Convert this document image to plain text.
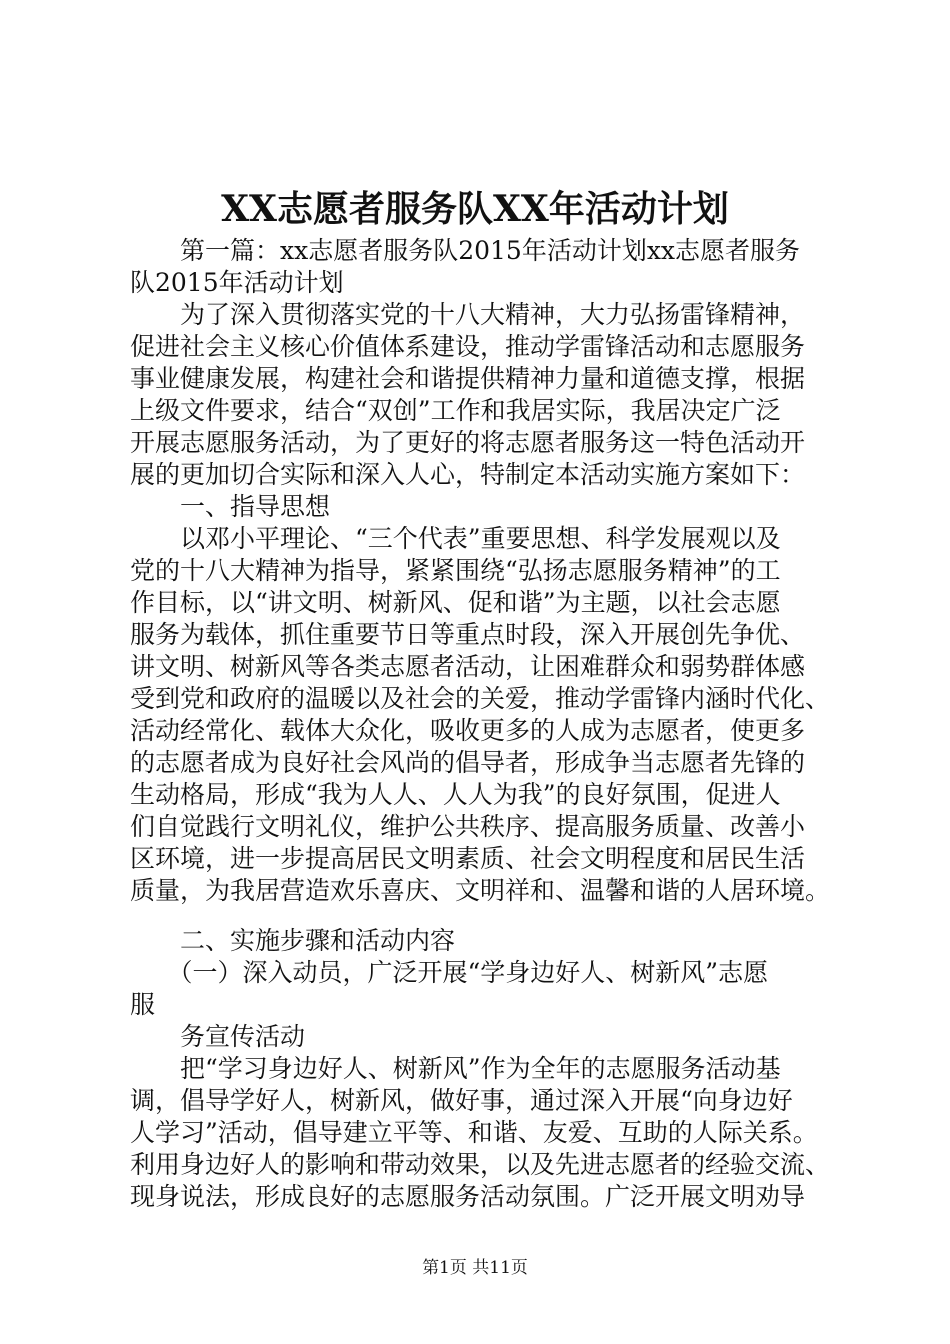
XX志愿者服务队XX年活动计划
　　第一篇：xx志愿者服务队2015年活动计划xx志愿者服务
队2015年活动计划
　　为了深入贯彻落实党的十八大精神，大力弘扬雷锋精神，
促进社会主义核心价值体系建设，推动学雷锋活动和志愿服务
事业健康发展，构建社会和谐提供精神力量和道德支撑，根据
上级文件要求，结合“双创”工作和我居实际，我居决定广泛
开展志愿服务活动，为了更好的将志愿者服务这一特色活动开
展的更加切合实际和深入人心，特制定本活动实施方案如下：
　　一、指导思想
　　以邓小平理论、“三个代表”重要思想、科学发展观以及
党的十八大精神为指导，紧紧围绕“弘扬志愿服务精神”的工
作目标，以“讲文明、树新风、促和谐”为主题，以社会志愿
服务为载体，抓住重要节日等重点时段，深入开展创先争优、
讲文明、树新风等各类志愿者活动，让困难群众和弱势群体感
受到党和政府的温暖以及社会的关爱，推动学雷锋内涵时代化、
活动经常化、载体大众化，吸收更多的人成为志愿者，使更多
的志愿者成为良好社会风尚的倡导者，形成争当志愿者先锋的
生动格局，形成“我为人人、人人为我”的良好氛围，促进人
们自觉践行文明礼仪，维护公共秩序、提高服务质量、改善小
区环境，进一步提高居民文明素质、社会文明程度和居民生活
质量，为我居营造欢乐喜庆、文明祥和、温馨和谐的人居环境。
　　二、实施步骤和活动内容
　　（一）深入动员，广泛开展“学身边好人、树新风”志愿
服
　　务宣传活动
　　把“学习身边好人、树新风”作为全年的志愿服务活动基
调，倡导学好人，树新风，做好事，通过深入开展“向身边好
人学习”活动，倡导建立平等、和谐、友爱、互助的人际关系。
利用身边好人的影响和带动效果，以及先进志愿者的经验交流、
现身说法，形成良好的志愿服务活动氛围。广泛开展文明劝导
第1页 共11页
